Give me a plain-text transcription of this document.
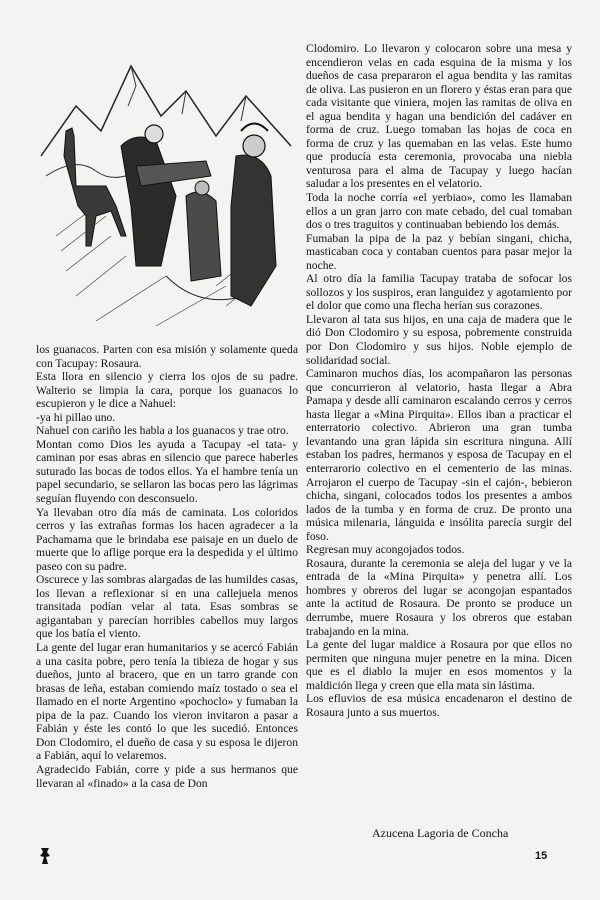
los guanacos. Parten con esa misión y solamente queda con Tacupay: Rosaura.

Esta llora en silencio y cierra los ojos de su padre. Walterio se limpia la cara, porque los guanacos lo escupieron y le dice a Nahuel:

-ya hi pillao uno.

Nahuel con cariño les habla a los guanacos y trae otro.

Montan como Dios les ayuda a Tacupay -el tata- y caminan por esas abras en silencio que parece haberles suturado las bocas de todos ellos. Ya el hambre tenía un papel secundario, se sellaron las bocas pero las lágrimas seguían fluyendo con desconsuelo.

Ya llevaban otro día más de caminata. Los coloridos cerros y las extrañas formas los hacen agradecer a la Pachamama que le brindaba ese paisaje en un duelo de muerte que lo aflige porque era la despedida y el último paseo con su padre.

Oscurece y las sombras alargadas de las humildes casas, los llevan a reflexionar si en una callejuela menos transitada podían velar al tata. Esas sombras se agigantaban y parecían horribles cabellos muy largos que los batía el viento.

La gente del lugar eran humanitarios y se acercó Fabián a una casita pobre, pero tenía la tibieza de hogar y sus dueños, junto al bracero, que en un tarro grande con brasas de leña, estaban comiendo maíz tostado o sea el llamado en el norte Argentino «pochoclo» y fumaban la pipa de la paz. Cuando los vieron invitaron a pasar a Fabián y éste les contó lo que les sucedió. Entonces Don Clodomiro, el dueño de casa y su esposa le dijeron a Fabián, aquí lo velaremos.

Agradecido Fabián, corre y pide a sus hermanos que llevaran al «finado» a la casa de Don

Clodomiro. Lo llevaron y colocaron sobre una mesa y encendieron velas en cada esquina de la misma y los dueños de casa prepararon el agua bendita y las ramitas de oliva. Las pusieron en un florero y éstas eran para que cada visitante que viniera, mojen las ramitas de oliva en el agua bendita y hagan una bendición del cadáver en forma de cruz. Luego tomaban las hojas de coca en forma de cruz y las quemaban en las velas. Este humo que producía esta ceremonia, provocaba una niebla venturosa para el alma de Tacupay y luego hacían saludar a los presentes en el velatorio.

Toda la noche corría «el yerbiao», como les llamaban ellos a un gran jarro con mate cebado, del cual tomaban dos o tres traguitos y continuaban bebiendo los demás.

Fumaban la pipa de la paz y bebían singani, chicha, masticaban coca y contaban cuentos para pasar mejor la noche.

Al otro día la familia Tacupay trataba de sofocar los sollozos y los suspiros, eran languidez y agotamiento por el dolor que como una flecha herían sus corazones.

Llevaron al tata sus hijos, en una caja de madera que le dió Don Clodomiro y su esposa, pobremente construida por Don Clodomiro y sus hijos. Noble ejemplo de solidaridad social.

Caminaron muchos días, los acompañaron las personas que concurrieron al velatorio, hasta llegar a Abra Pamapa y desde allí caminaron escalando cerros y cerros hasta llegar a «Mina Pirquita». Ellos iban a practicar el enterratorio colectivo. Abrieron una gran tumba levantando una gran lápida sin escritura ninguna. Allí estaban los padres, hermanos y esposa de Tacupay en el enterrarorio colectivo en el cementerio de las minas. Arrojaron el cuerpo de Tacupay -sin el cajón-, bebieron chicha, singani, colocados todos los presentes a ambos lados de la tumba y en forma de cruz. De pronto una música milenaria, lánguida e insólita parecía surgir del foso.

Regresan muy acongojados todos.

Rosaura, durante la ceremonia se aleja del lugar y ve la entrada de la «Mina Pirquita» y penetra allí. Los hombres y obreros del lugar se acongojan espantados ante la actitud de Rosaura. De pronto se produce un derrumbe, muere Rosaura y los obreros que estaban trabajando en la mina.

La gente del lugar maldice a Rosaura por que ellos no permiten que ninguna mujer penetre en la mina. Dicen que es el diablo la mujer en esos momentos y la maldición llega y creen que ella mata sin lástima.

Los efluvios de esa música encadenaron el destino de Rosaura junto a sus muertos.

Azucena Lagoria de Concha
15
